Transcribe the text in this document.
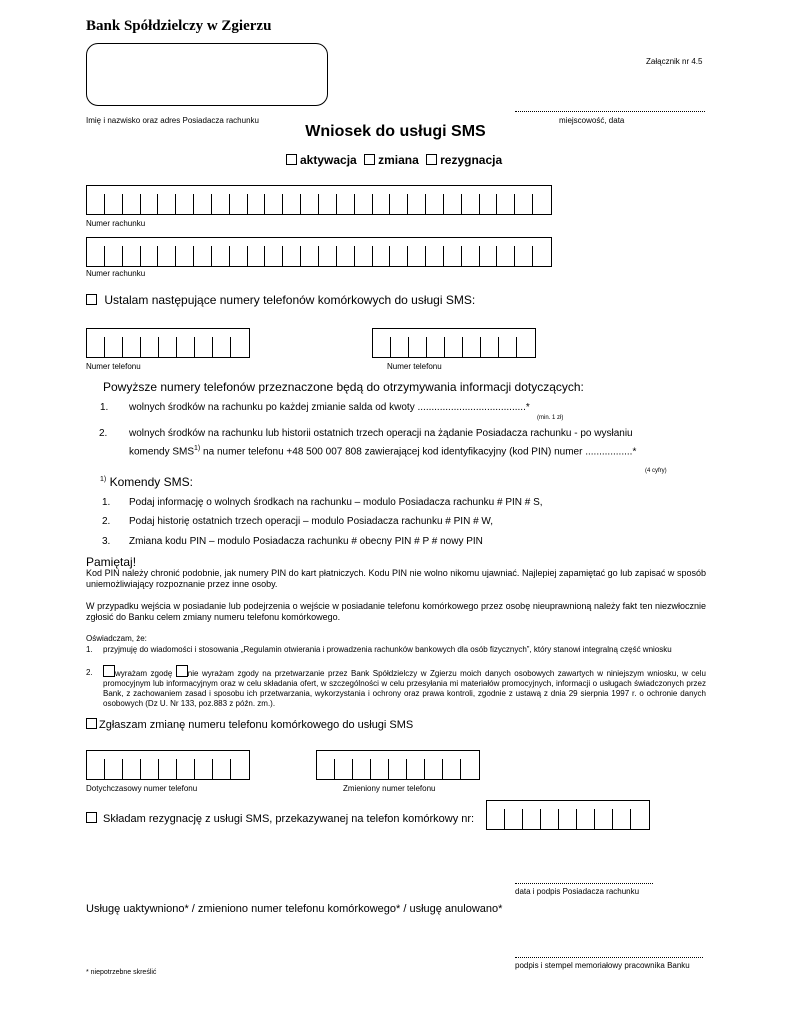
Bank Spółdzielczy w Zgierzu
Załącznik nr 4.5
Imię i nazwisko oraz adres Posiadacza rachunku	miejscowość, data
Wniosek do usługi SMS
aktywacja zmiana rezygnacja
Numer rachunku
Numer rachunku
Ustalam następujące numery telefonów komórkowych do usługi SMS:
Numer telefonu	Numer telefonu
Powyższe numery telefonów przeznaczone będą do otrzymywania informacji dotyczących:
1. wolnych środków na rachunku po każdej zmianie salda od kwoty .......................................*
(min. 1 zł)
2. wolnych środków na rachunku lub historii ostatnich trzech operacji na żądanie Posiadacza rachunku - po wysłaniu
komendy SMS$^{1)}$ na numer telefonu +48 500 007 808 zawierającej kod identyfikacyjny (kod PIN) numer .................*
(4 cyfry)
$^{1)}$ Komendy SMS:
1. Podaj informację o wolnych środkach na rachunku – modulo Posiadacza rachunku # PIN # S,
2. Podaj historię ostatnich trzech operacji – modulo Posiadacza rachunku # PIN # W,
3. Zmiana kodu PIN – modulo Posiadacza rachunku # obecny PIN # P # nowy PIN
Pamiętaj!
Kod PIN należy chronić podobnie, jak numery PIN do kart płatniczych. Kodu PIN nie wolno nikomu ujawniać. Najlepiej zapamiętać go lub zapisać w sposób uniemożliwiający rozpoznanie przez inne osoby.
W przypadku wejścia w posiadanie lub podejrzenia o wejście w posiadanie telefonu komórkowego przez osobę nieuprawnioną należy fakt ten niezwłocznie zgłosić do Banku celem zmiany numeru telefonu komórkowego.
Oświadczam, że:
1. przyjmuję do wiadomości i stosowania „Regulamin otwierania i prowadzenia rachunków bankowych dla osób fizycznych”, który stanowi integralną część wniosku
2.	wyrażam zgodę nie wyrażam zgody na przetwarzanie przez Bank Spółdzielczy w Zgierzu moich danych osobowych zawartych w niniejszym wniosku, w celu promocyjnym lub informacyjnym oraz w celu składania ofert, w szczególności w celu przesyłania mi materiałów promocyjnych, informacji o usługach świadczonych przez Bank, z zachowaniem zasad i sposobu ich przetwarzania, wykorzystania i ochrony oraz prawa kontroli, zgodnie z ustawą z dnia 29 sierpnia 1997 r. o ochronie danych osobowych (Dz U. Nr 133, poz.883 z późn. zm.).
Zgłaszam zmianę numeru telefonu komórkowego do usługi SMS
Dotychczasowy numer telefonu	Zmieniony numer telefonu
Składam rezygnację z usługi SMS, przekazywanej na telefon komórkowy nr:
data i podpis Posiadacza rachunku
Usługę uaktywniono* / zmieniono numer telefonu komórkowego* / usługę anulowano*
podpis i stempel memoriałowy pracownika Banku
* niepotrzebne skreślić
